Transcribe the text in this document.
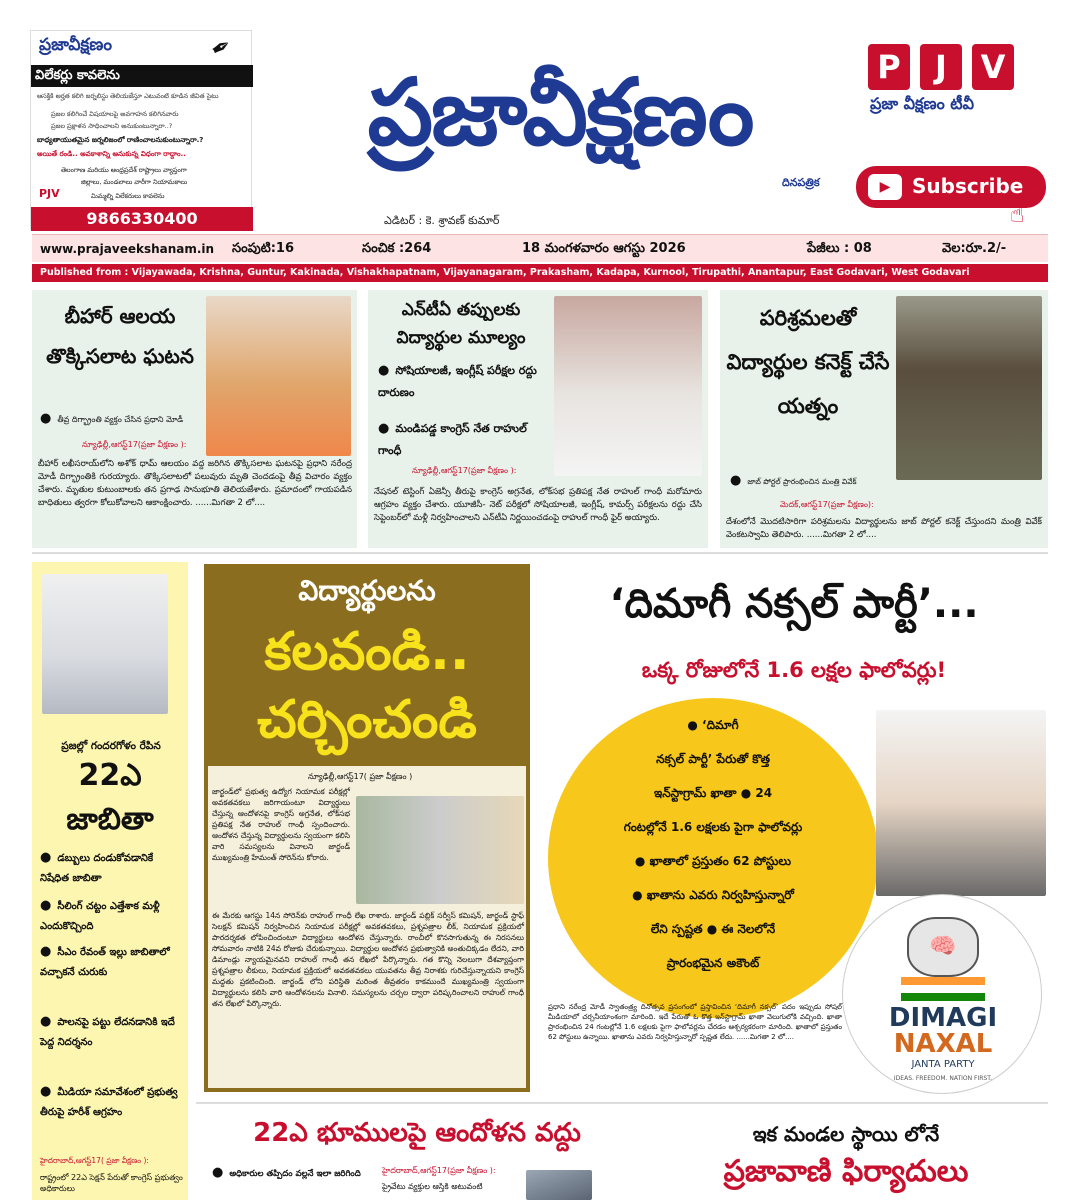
ప్రజావీక్షణం	✒
విలేకర్లు కావలెను
ఆసక్తికి అర్హత కలిగి జర్నలిస్టు తెలియజేస్తూ ఎటువంటి కూడిన జీవిత సైటు
ప్రజల కలిగించే విషయాలపై అవగాహన కలిగినవారు
ప్రజల ప్రక్షాళన సాధించాలని అనుకుంటున్నారా..?
బాధ్యతాయుతమైన జర్నలిజంలో రాణించాలనుకుంటున్నారా.?
అయితే రండి.. అవకాశాన్ని అనుకున్న విధంగా రాద్దాం..
తెలంగాణ మరియు ఆంధ్రప్రదేశ్ రాష్ట్రాలు వ్యాప్తంగా
జిల్లాలు, మండలాలు వారీగా నియామకాలు
PJV	మిమ్మల్ని విలేకరులు కావలెను
9866330400
ప్రజావీక్షణం
దినపత్రిక
ఎడిటర్ : కె. శ్రావణ్ కుమార్
P	J	V
ప్రజా వీక్షణం టీవీ
▶	Subscribe
☝
www.prajaveekshanam.in సంపుటి:16	సంచిక :264	18 మంగళవారం ఆగస్టు 2026	పేజీలు : 08	వెల:రూ.2/-
Published from : Vijayawada, Krishna, Guntur, Kakinada, Vishakhapatnam, Vijayanagaram, Prakasham, Kadapa, Kurnool, Tirupathi, Anantapur, East Godavari, West Godavari
బీహార్ ఆలయ తొక్కిసలాట ఘటన
● తీవ్ర దిగ్భ్రాంతి వ్యక్తం చేసిన ప్రధాని మోడీ
న్యూఢిల్లీ,ఆగస్ట్17(ప్రజా వీక్షణం ):
బీహార్ లఖీసరాయ్‌లోని అశోక్ ధామ్ ఆలయం వద్ద జరిగిన తొక్కిసలాట ఘటనపై ప్రధాని నరేంద్ర మోడీ దిగ్భ్రాంతికి గురయ్యారు. తొక్కిసలాటలో పలువురు మృతి చెందడంపై తీవ్ర విచారం వ్యక్తం చేశారు. మృతుల కుటుంబాలకు తన ప్రగాఢ సానుభూతి తెలియజేశారు. ప్రమాదంలో గాయపడిన బాధితులు త్వరగా కోలుకోవాలని ఆకాంక్షించారు. ......మిగతా 2 లో....
ఎన్‌టీఏ తప్పులకు విద్యార్థుల మూల్యం
● సోషియాలజీ, ఇంగ్లీష్ పరీక్షల రద్దు దారుణం
● మండిపడ్డ కాంగ్రెస్ నేత రాహుల్ గాంధీ
న్యూఢిల్లీ,ఆగస్ట్17(ప్రజా వీక్షణం ):
నేషనల్ టెస్టింగ్ ఏజెన్సీ తీరుపై కాంగ్రెస్ అగ్రనేత, లోక్‌సభ ప్రతిపక్ష నేత రాహుల్ గాంధీ మరోమారు ఆగ్రహం వ్యక్తం చేశారు. యూజీసీ- నెట్ పరీక్షలో సోషియాలజీ, ఇంగ్లీష్, కామర్స్ పరీక్షలను రద్దు చేసి సెప్టెంబర్‌లో మళ్లీ నిర్వహించాలని ఎన్‌టీఏ నిర్ణయించడంపై రాహుల్ గాంధీ ఫైర్ అయ్యారు.
పరిశ్రమలతో విద్యార్థుల కనెక్ట్ చేసే యత్నం
● జాబ్ పోర్టల్ ప్రారంభించిన మంత్రి వివేక్
మెదక్,ఆగస్ట్17(ప్రజా వీక్షణం):
దేశంలోనే మొదటిసారిగా పరిశ్రమలను విద్యార్థులను జాబ్ పోర్టల్ కనెక్ట్ చేస్తుందని మంత్రి వివేక్ వెంకటస్వామి తెలిపారు. ......మిగతా 2 లో....
ప్రజల్లో గందరగోళం రేపిన
22ఎ
జాబితా
● డబ్బులు దండుకోవడానికే నిషేధిత జాబితా
● సీలింగ్ చట్టం ఎత్తేశాక మళ్లీ ఎందుకొచ్చింది
● సీఎం రేవంత్ ఇల్లు జాబితాలో వచ్చాకనే చురుకు
● పాలనపై పట్టు లేదనడానికి ఇదే పెద్ద నిదర్శనం
● మీడియా సమావేశంలో ప్రభుత్వ తీరుపై హరీశ్ ఆగ్రహం
హైదరాబాద్,ఆగస్ట్17( ప్రజా వీక్షణం ):
రాష్ట్రంలో 22ఎ సెక్షన్ పేరుతో కాంగ్రెస్ ప్రభుత్వం అధికారులు
విద్యార్థులను
కలవండి..
చర్చించండి
న్యూఢిల్లీ,ఆగస్ట్17( ప్రజా వీక్షణం )
జార్ఖండ్‌లో ప్రభుత్వ ఉద్యోగ నియామక పరీక్షల్లో అవకతవకలు జరిగాయంటూ విద్యార్థులు చేస్తున్న ఆందోళనపై కాంగ్రెస్ అగ్రనేత, లోక్‌సభ ప్రతిపక్ష నేత రాహుల్ గాంధీ స్పందించారు. ఆందోళన చేస్తున్న విద్యార్థులను స్వయంగా కలిసి వారి సమస్యలను వినాలని జార్ఖండ్ ముఖ్యమంత్రి హేమంత్ సోరెన్‌ను కోరారు.
ఈ మేరకు ఆగస్టు 14న సోరెన్‌కు రాహుల్ గాంధీ లేఖ రాశారు. జార్ఖండ్ పబ్లిక్ సర్వీస్ కమిషన్, జార్ఖండ్ స్టాఫ్ సెలక్షన్ కమిషన్ నిర్వహించిన నియామక పరీక్షల్లో అవకతవకలు, ప్రశ్నపత్రాల లీక్, నియామక ప్రక్రియలో పారదర్శకత లోపించిందంటూ విద్యార్థులు ఆందోళన చేస్తున్నారు. రాంచీలో కొనసాగుతున్న ఈ నిరసనలు సోమవారం నాటికి 24వ రోజుకు చేరుకున్నాయి. విద్యార్థుల ఆందోళన ప్రభుత్వానికి అంతుచిక్కడం లేదని, వారి డిమాండ్లు న్యాయమైనవని రాహుల్ గాంధీ తన లేఖలో పేర్కొన్నారు. గత కొన్ని నెలలుగా దేశవ్యాప్తంగా ప్రశ్నపత్రాల లీకులు, నియామక ప్రక్రియలో అవకతవకలు యువతను తీవ్ర నిరాశకు గురిచేస్తున్నాయని కాంగ్రెస్ మద్దతు ప్రకటించింది. జార్ఖండ్ లోని పరిస్థితి మరింత తీవ్రతరం కాకముందే ముఖ్యమంత్రి స్వయంగా విద్యార్థులను కలిసి వారి ఆందోళనలను వినాలి. సమస్యలను చర్చల ద్వారా పరిష్కరించాలని రాహుల్ గాంధీ తన లేఖలో పేర్కొన్నారు.
‘దిమాగీ నక్సల్ పార్టీ’...
ఒక్క రోజులోనే 1.6 లక్షల ఫాలోవర్లు!
● ‘దిమాగీ
నక్సల్ పార్టీ’ పేరుతో కొత్త
ఇన్‌స్టాగ్రామ్ ఖాతా ● 24
గంటల్లోనే 1.6 లక్షలకు పైగా ఫాలోవర్లు
● ఖాతాలో ప్రస్తుతం 62 పోస్టులు
● ఖాతాను ఎవరు నిర్వహిస్తున్నారో
లేని స్పష్టత ● ఈ నెలలోనే
ప్రారంభమైన అకౌంట్
🧠
DIMAGI
NAXAL
JANTA PARTY
IDEAS. FREEDOM. NATION FIRST.
ప్రధాని నరేంద్ర మోడీ స్వాతంత్ర్య దినోత్సవ ప్రసంగంలో ప్రస్తావించిన ‘దిమాగీ నక్సల్’ పదం ఇప్పుడు సోషల్ మీడియాలో చర్చనీయాంశంగా మారింది. ఇదే పేరుతో ఓ కొత్త ఇన్‌స్టాగ్రామ్ ఖాతా వెలుగులోకి వచ్చింది. ఖాతా ప్రారంభించిన 24 గంటల్లోనే 1.6 లక్షలకు పైగా ఫాలోవర్లను చేరడం ఆశ్చర్యకరంగా మారింది. ఖాతాలో ప్రస్తుతం 62 పోస్టులు ఉన్నాయి. ఖాతాను ఎవరు నిర్వహిస్తున్నారో స్పష్టత లేదు. ......మిగతా 2 లో....
22ఎ భూములపై ఆందోళన వద్దు
● అధికారుల తప్పిదం వల్లనే ఇలా జరిగింది	హైదరాబాద్,ఆగస్ట్17(ప్రజా వీక్షణం ):
ప్రైవేటు వ్యక్తుల ఆస్తికి అటువంటి
ఇక మండల స్థాయి లోనే
ప్రజావాణి ఫిర్యాదులు
